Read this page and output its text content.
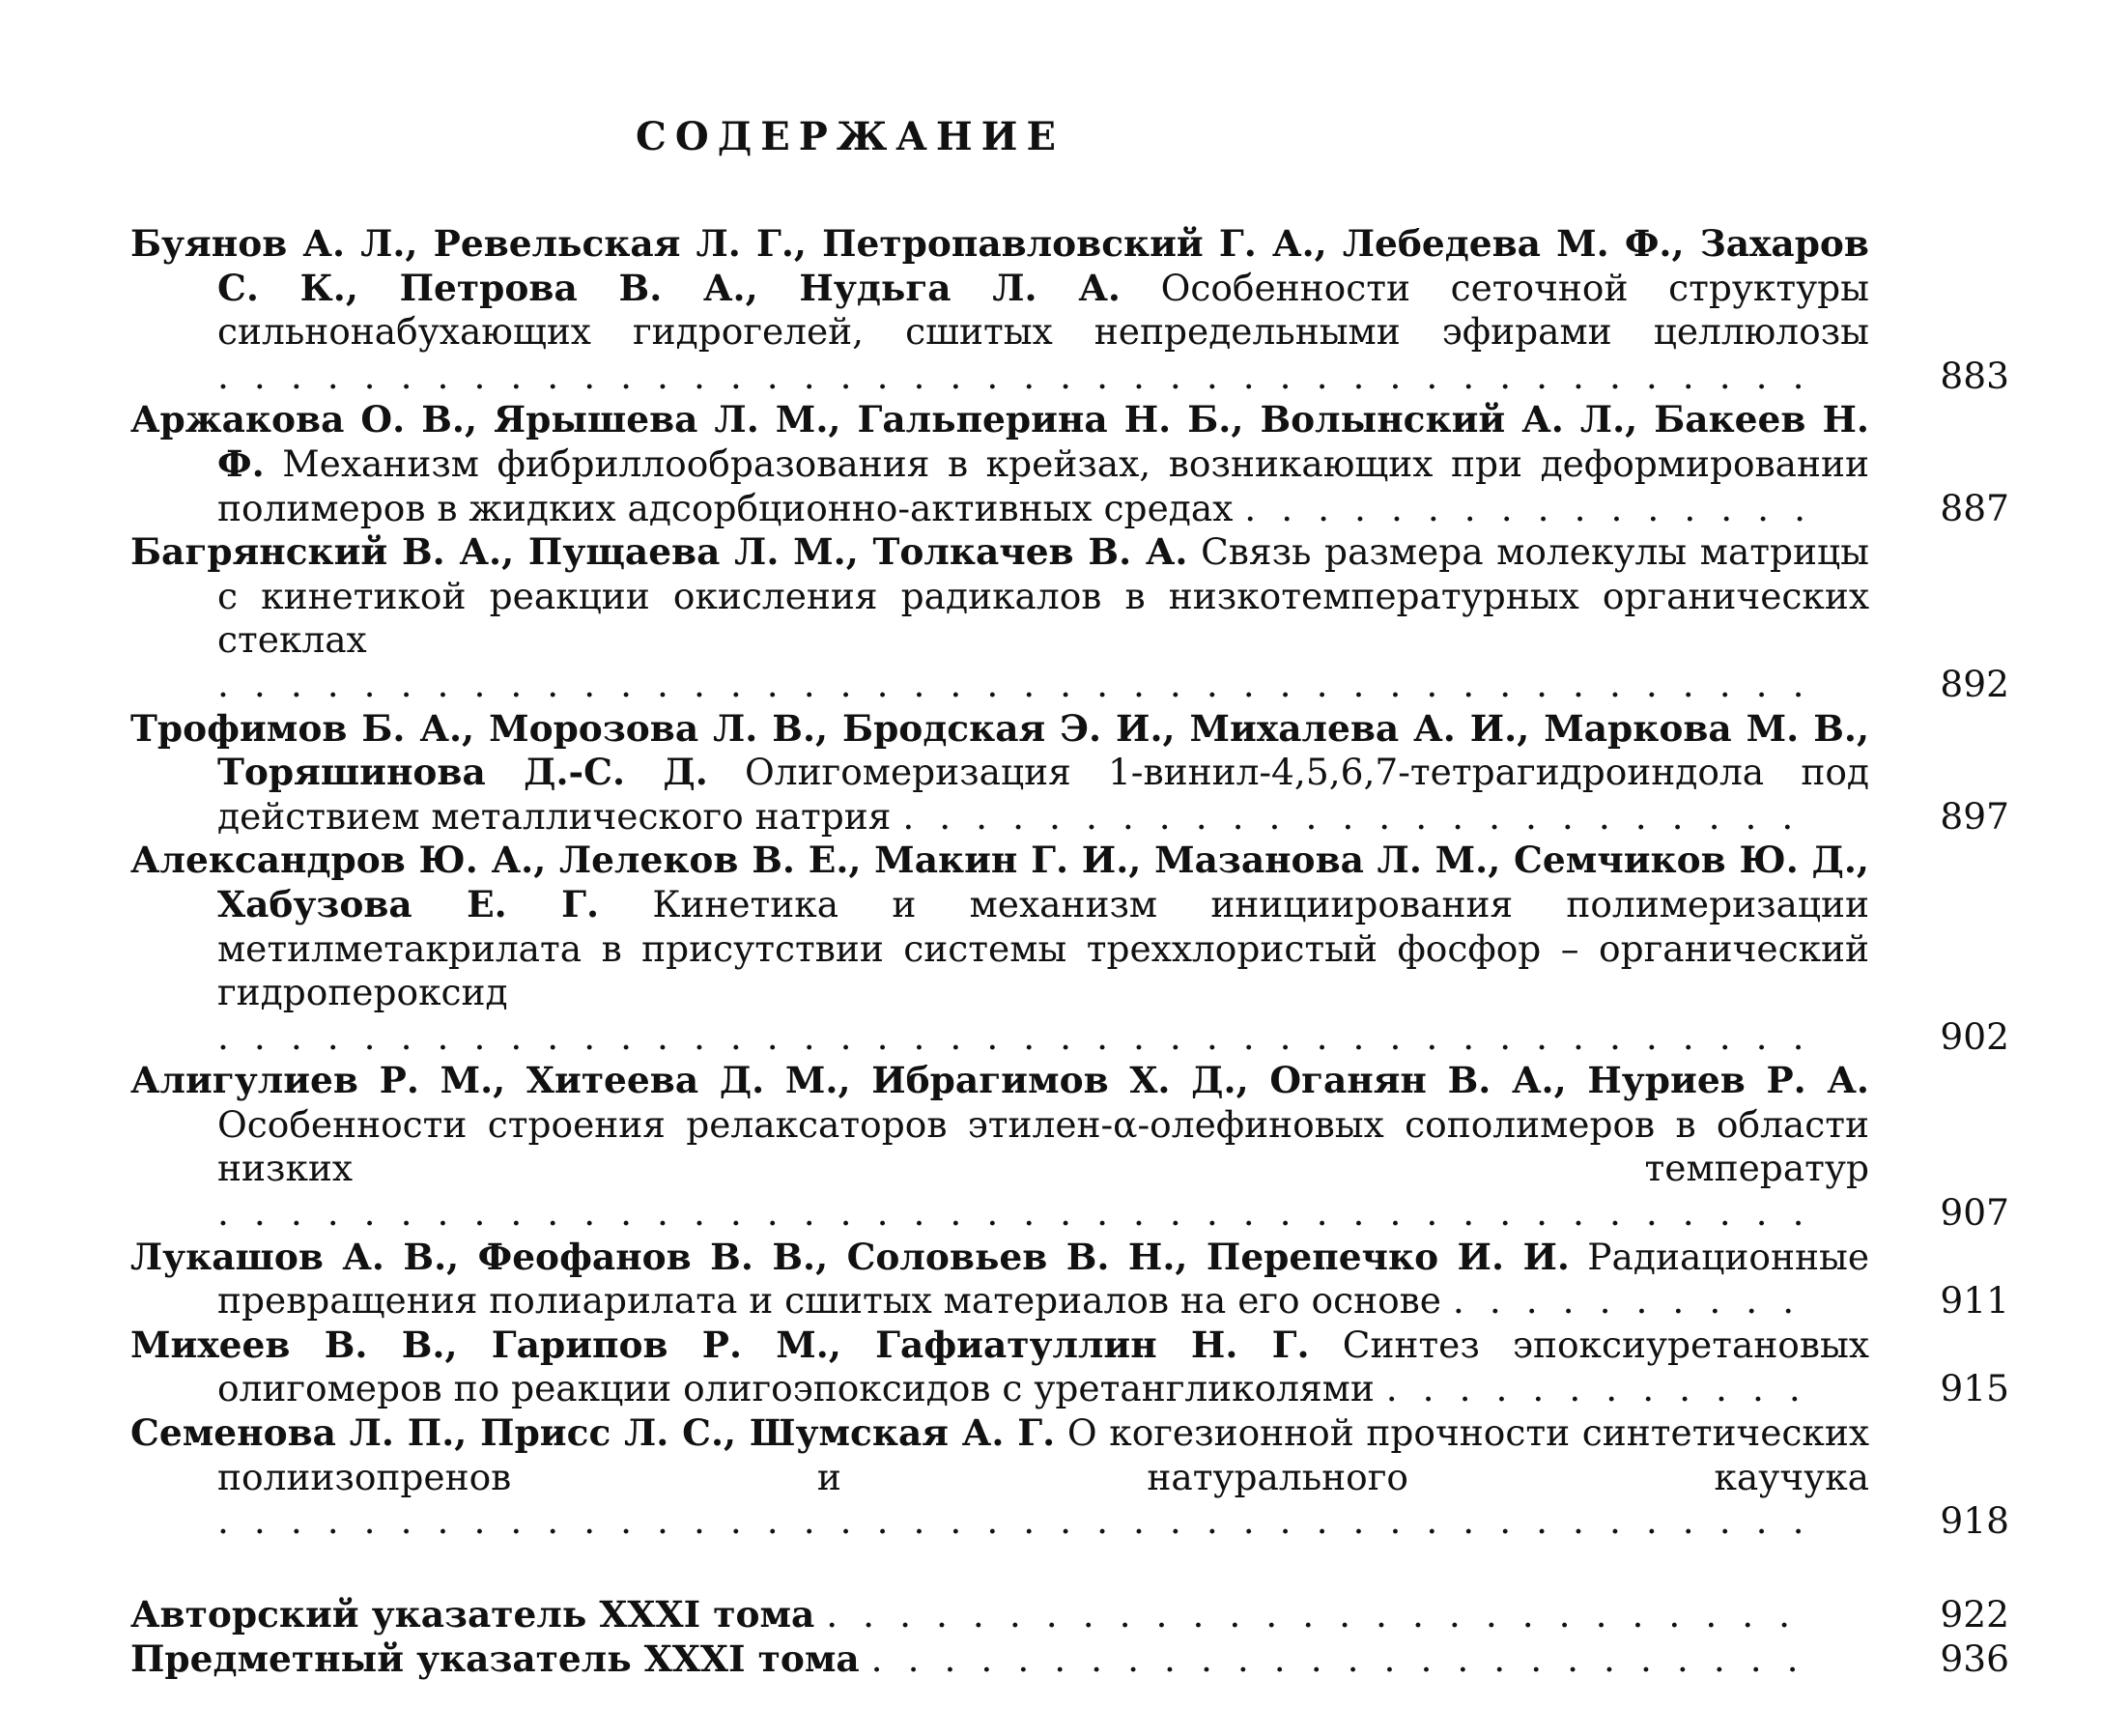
СОДЕРЖАНИЕ
Буянов А. Л., Ревельская Л. Г., Петропавловский Г. А., Лебедева М. Ф., Захаров С. К., Петрова В. А., Нудьга Л. А. Особенности сеточной структуры сильнонабухающих гидрогелей, сшитых непредельными эфирами целлюлозы ............................................	883
Аржакова О. В., Ярышева Л. М., Гальперина Н. Б., Волынский А. Л., Бакеев Н. Ф. Механизм фибриллообразования в крейзах, возникающих при деформировании полимеров в жидких адсорбционно-активных средах ................	887
Багрянский В. А., Пущаева Л. М., Толкачев В. А. Связь размера молекулы матрицы с кинетикой реакции окисления радикалов в низкотемпературных органических стеклах ............................................	892
Трофимов Б. А., Морозова Л. В., Бродская Э. И., Михалева А. И., Маркова М. В., Торяшинова Д.-С. Д. Олигомеризация 1-винил-4,5,6,7-тетрагидроиндола под действием металлического натрия .........................	897
Александров Ю. А., Лелеков В. Е., Макин Г. И., Мазанова Л. М., Семчиков Ю. Д., Хабузова Е. Г. Кинетика и механизм инициирования полимеризации метилметакрилата в присутствии системы треххлористый фосфор – органический гидропероксид ............................................	902
Алигулиев Р. М., Хитеева Д. М., Ибрагимов Х. Д., Оганян В. А., Нуриев Р. А. Особенности строения релаксаторов этилен-α-олефиновых сополимеров в области низких температур ............................................	907
Лукашов А. В., Феофанов В. В., Соловьев В. Н., Перепечко И. И. Радиационные превращения полиарилата и сшитых материалов на его основе ..........	911
Михеев В. В., Гарипов Р. М., Гафиатуллин Н. Г. Синтез эпоксиуретановых олигомеров по реакции олигоэпоксидов с уретангликолями ............	915
Семенова Л. П., Присс Л. С., Шумская А. Г. О когезионной прочности синтетических полиизопренов и натурального каучука ............................................	918
Авторский указатель XXXI тома ...........................	922
Предметный указатель XXXI тома ..........................	936
